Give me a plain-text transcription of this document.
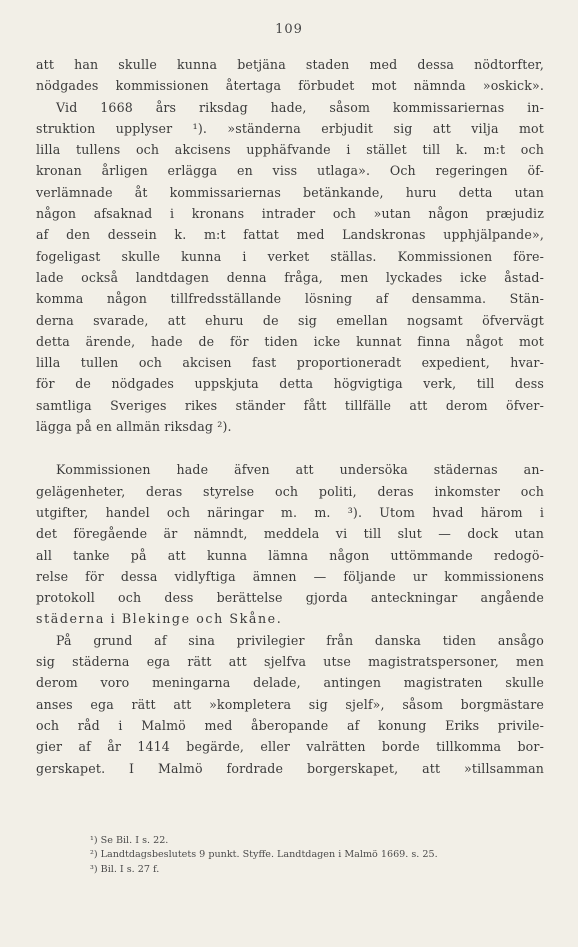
109
att han skulle kunna betjäna staden med dessa nödtorfter,
nödgades kommissionen återtaga förbudet mot nämnda »oskick».
Vid 1668 års riksdag hade, såsom kommissariernas in-
struktion upplyser ¹). »ständerna erbjudit sig att vilja mot
lilla tullens och akcisens upphäfvande i stället till k. m:t och
kronan årligen erlägga en viss utlaga». Och regeringen öf-
verlämnade åt kommissariernas betänkande, huru detta utan
någon afsaknad i kronans intrader och »utan någon præjudiz
af den dessein k. m:t fattat med Landskronas upphjälpande»,
fogeligast skulle kunna i verket ställas. Kommissionen före-
lade också landtdagen denna fråga, men lyckades icke åstad-
komma någon tillfredsställande lösning af densamma. Stän-
derna svarade, att ehuru de sig emellan nogsamt öfvervägt
detta ärende, hade de för tiden icke kunnat finna något mot
lilla tullen och akcisen fast proportioneradt expedient, hvar-
för de nödgades uppskjuta detta högvigtiga verk, till dess
samtliga Sveriges rikes ständer fått tillfälle att derom öfver-
lägga på en allmän riksdag ²).
Kommissionen hade äfven att undersöka städernas an-
gelägenheter, deras styrelse och politi, deras inkomster och
utgifter, handel och näringar m. m. ³). Utom hvad härom i
det föregående är nämndt, meddela vi till slut — dock utan
all tanke på att kunna lämna någon uttömmande redogö-
relse för dessa vidlyftiga ämnen — följande ur kommissionens
protokoll och dess berättelse gjorda anteckningar angående
städerna i Blekinge och Skåne.
På grund af sina privilegier från danska tiden ansågo
sig städerna ega rätt att sjelfva utse magistratspersoner, men
derom voro meningarna delade, antingen magistraten skulle
anses ega rätt att »kompletera sig sjelf», såsom borgmästare
och råd i Malmö med åberopande af konung Eriks privile-
gier af år 1414 begärde, eller valrätten borde tillkomma bor-
gerskapet. I Malmö fordrade borgerskapet, att »tillsamman
¹) Se Bil. I s. 22.
²) Landtdagsbeslutets 9 punkt. Styffe. Landtdagen i Malmö 1669. s. 25.
³) Bil. I s. 27 f.
